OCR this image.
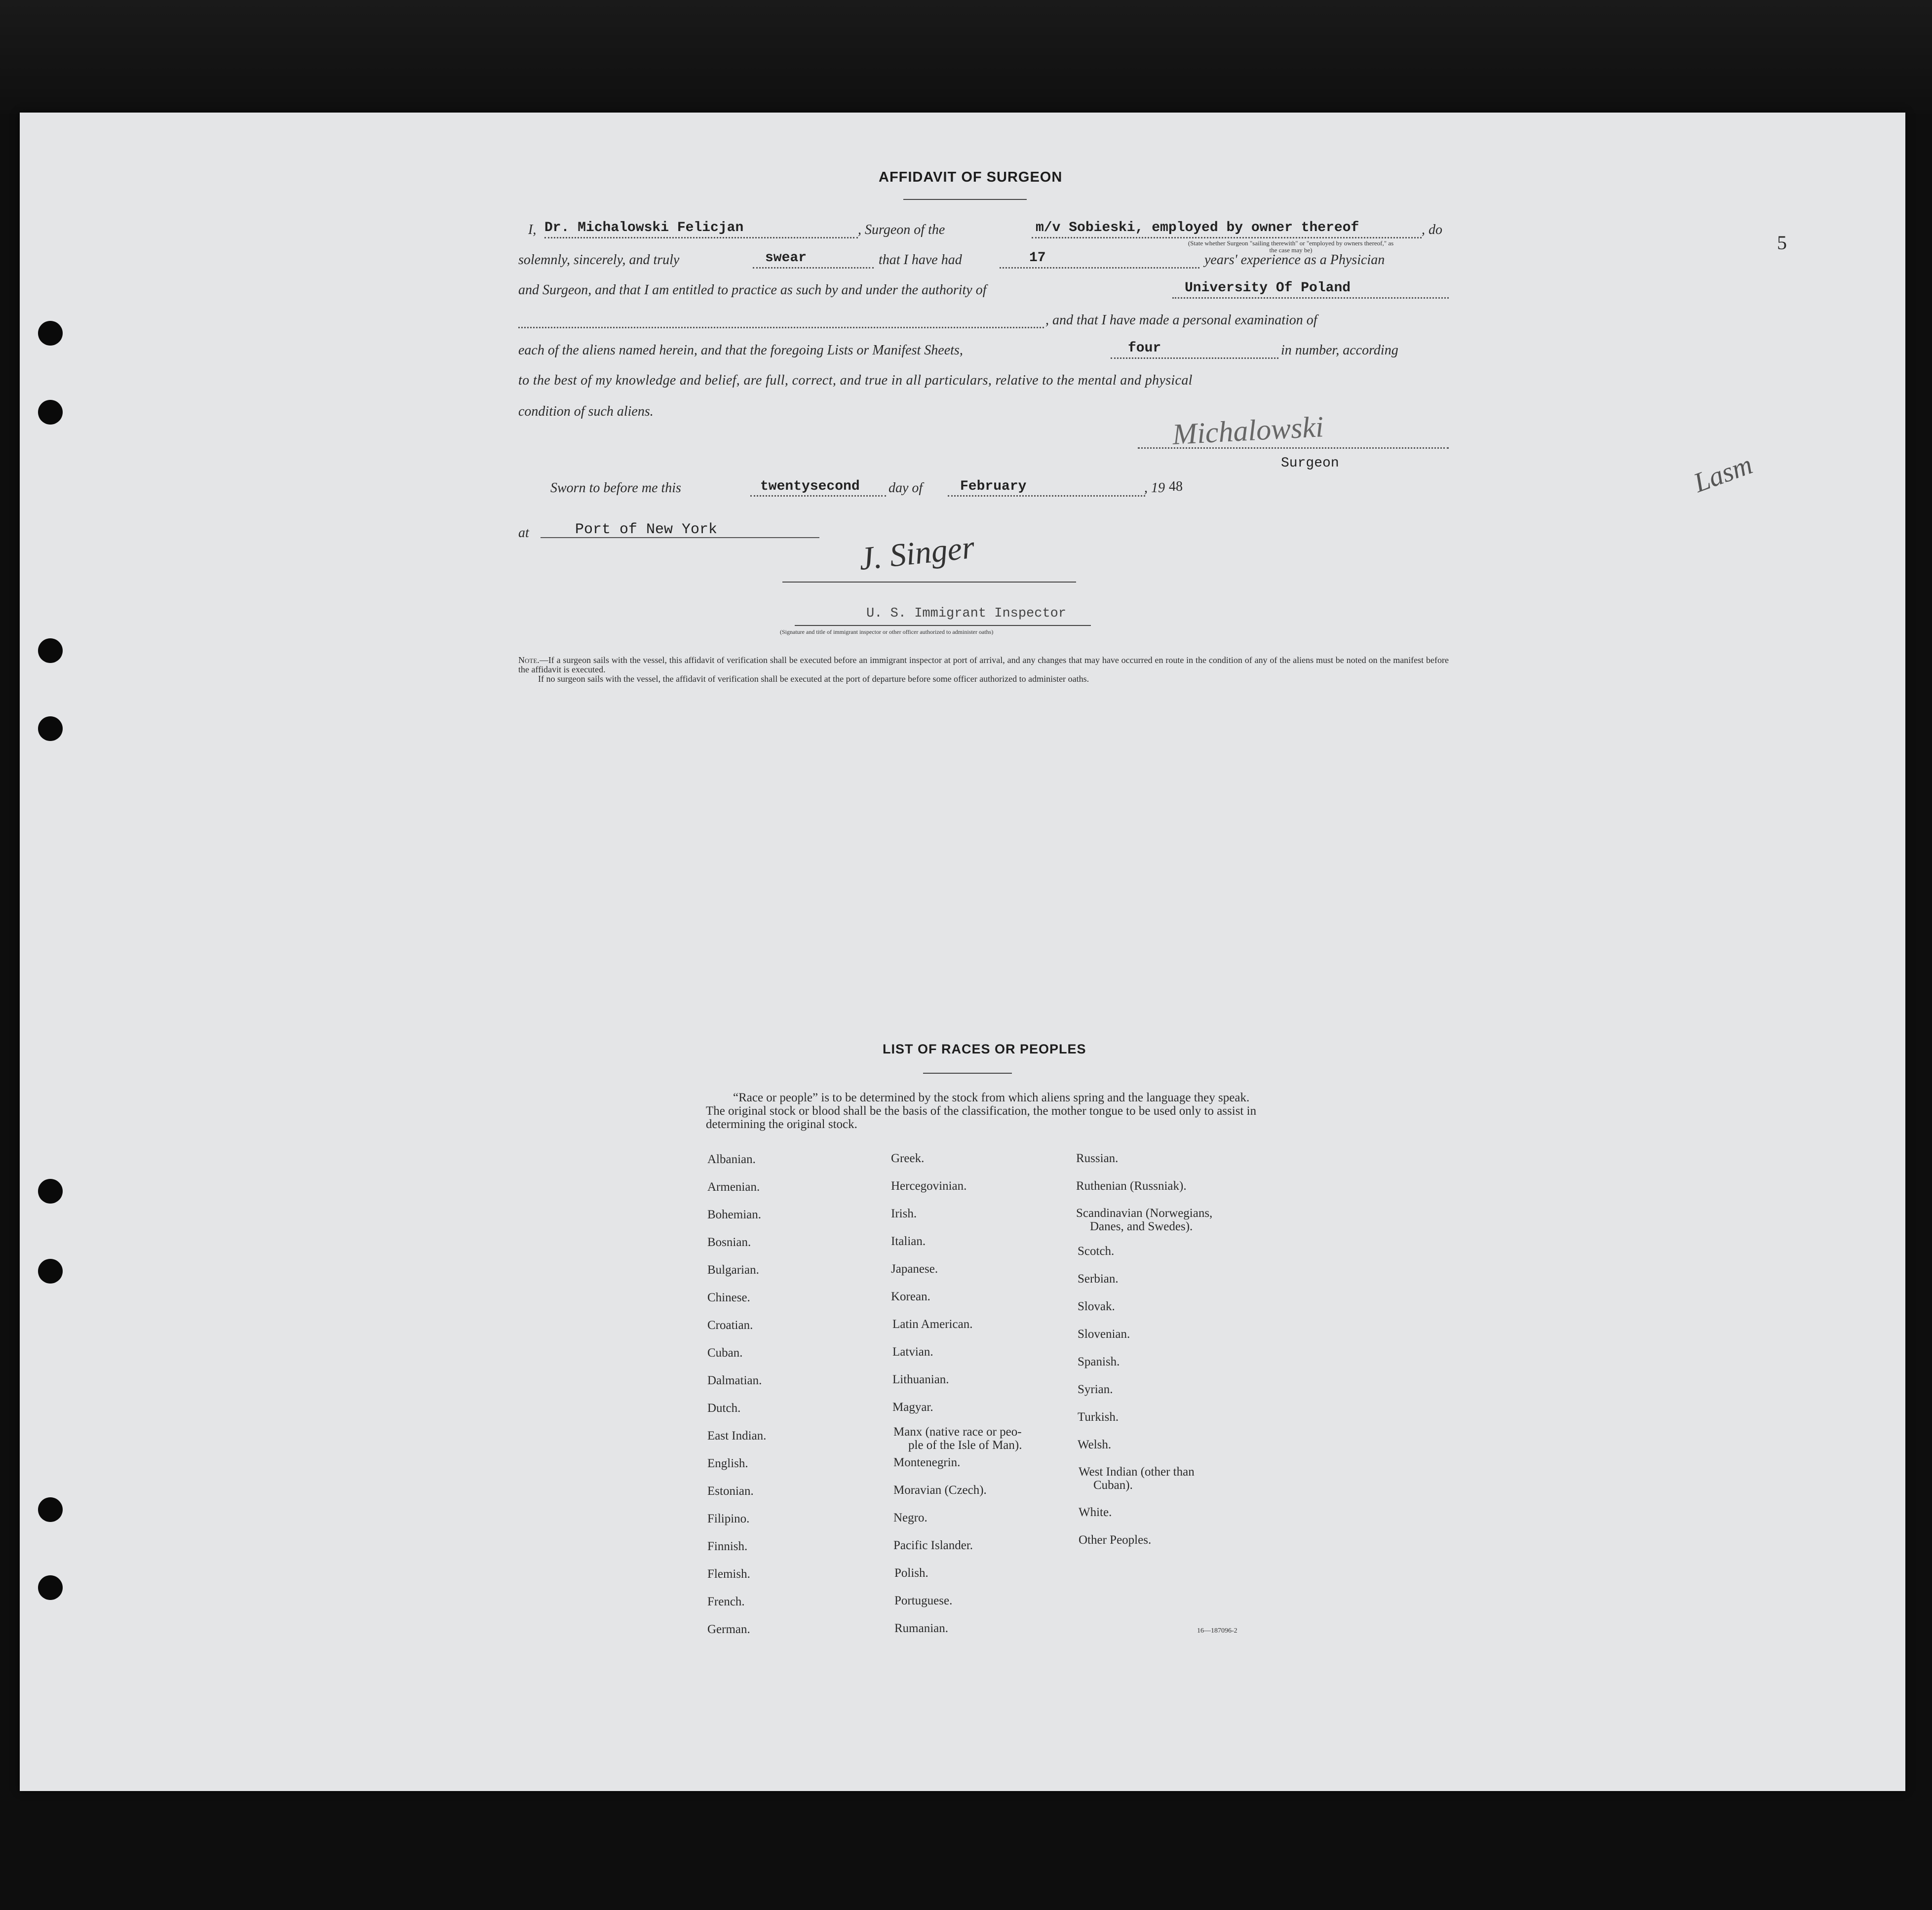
5
Lasm
AFFIDAVIT OF SURGEON
I, Dr. Michalowski Felicjan	, Surgeon of the	m/v Sobieski, employed by owner thereof	, do
(State whether Surgeon "sailing therewith" or "employed by owners thereof," as the case may be)
solemnly, sincerely, and truly	swear	that I have had	17	years' experience as a Physician
and Surgeon, and that I am entitled to practice as such by and under the authority of	University Of Poland
, and that I have made a personal examination of
each of the aliens named herein, and that the foregoing Lists or Manifest Sheets,	four	in number, according
to the best of my knowledge and belief, are full, correct, and true in all particulars, relative to the mental and physical
condition of such aliens.	Michalowski
Surgeon
Sworn to before me this	twentysecond day of	February	, 19 48
at	Port of New York	J. Singer
U. S. Immigrant Inspector
(Signature and title of immigrant inspector or other officer authorized to administer oaths)
Note.—If a surgeon sails with the vessel, this affidavit of verification shall be executed before an immigrant inspector at port of arrival, and any changes that may have occurred en route in the condition of any of the aliens must be noted on the manifest before the affidavit is executed.
If no surgeon sails with the vessel, the affidavit of verification shall be executed at the port of departure before some officer authorized to administer oaths.
LIST OF RACES OR PEOPLES
“Race or people” is to be determined by the stock from which aliens spring and the language they speak. The original stock or blood shall be the basis of the classification, the mother tongue to be used only to assist in determining the original stock.
Albanian.
Armenian.
Bohemian.
Bosnian.
Bulgarian.
Chinese.
Croatian.
Cuban.
Dalmatian.
Dutch.
East Indian.
English.
Estonian.
Filipino.
Finnish.
Flemish.
French.
German.
Greek.
Hercegovinian.
Irish.
Italian.
Japanese.
Korean.
Latin American.
Latvian.
Lithuanian.
Magyar.
Manx (native race or peo-
ple of the Isle of Man).
Montenegrin.
Moravian (Czech).
Negro.
Pacific Islander.
Polish.
Portuguese.
Rumanian.
Russian.
Ruthenian (Russniak).
Scandinavian (Norwegians,
Danes, and Swedes).
Scotch.
Serbian.
Slovak.
Slovenian.
Spanish.
Syrian.
Turkish.
Welsh.
West Indian (other than
Cuban).
White.
Other Peoples.
16—187096-2
